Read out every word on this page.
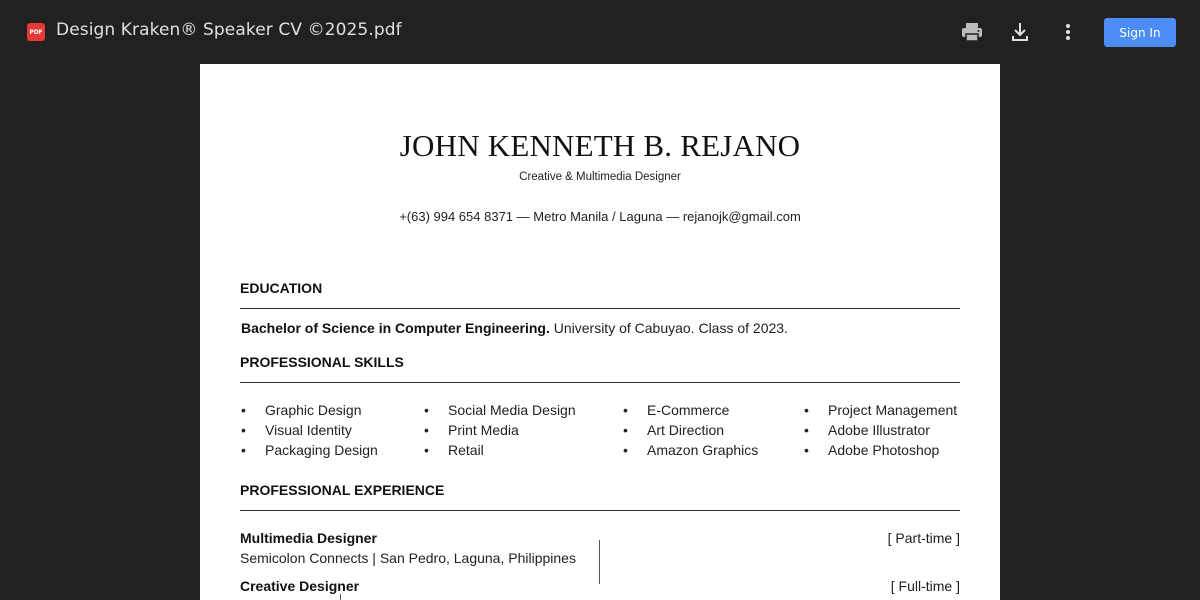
PDF Design Kraken® Speaker CV ©2025.pdf	Sign In
JOHN KENNETH B. REJANO
Creative & Multimedia Designer
+(63) 994 654 8371 — Metro Manila / Laguna — rejanojk@gmail.com
EDUCATION
Bachelor of Science in Computer Engineering. University of Cabuyao. Class of 2023.
PROFESSIONAL SKILLS
• Graphic Design
• Visual Identity
• Packaging Design
• Social Media Design
• Print Media
• Retail
• E-Commerce
• Art Direction
• Amazon Graphics
• Project Management
• Adobe Illustrator
• Adobe Photoshop
PROFESSIONAL EXPERIENCE
Multimedia Designer
Semicolon Connects | San Pedro, Laguna, Philippines
[ Part-time ]
Creative Designer	[ Full-time ]
